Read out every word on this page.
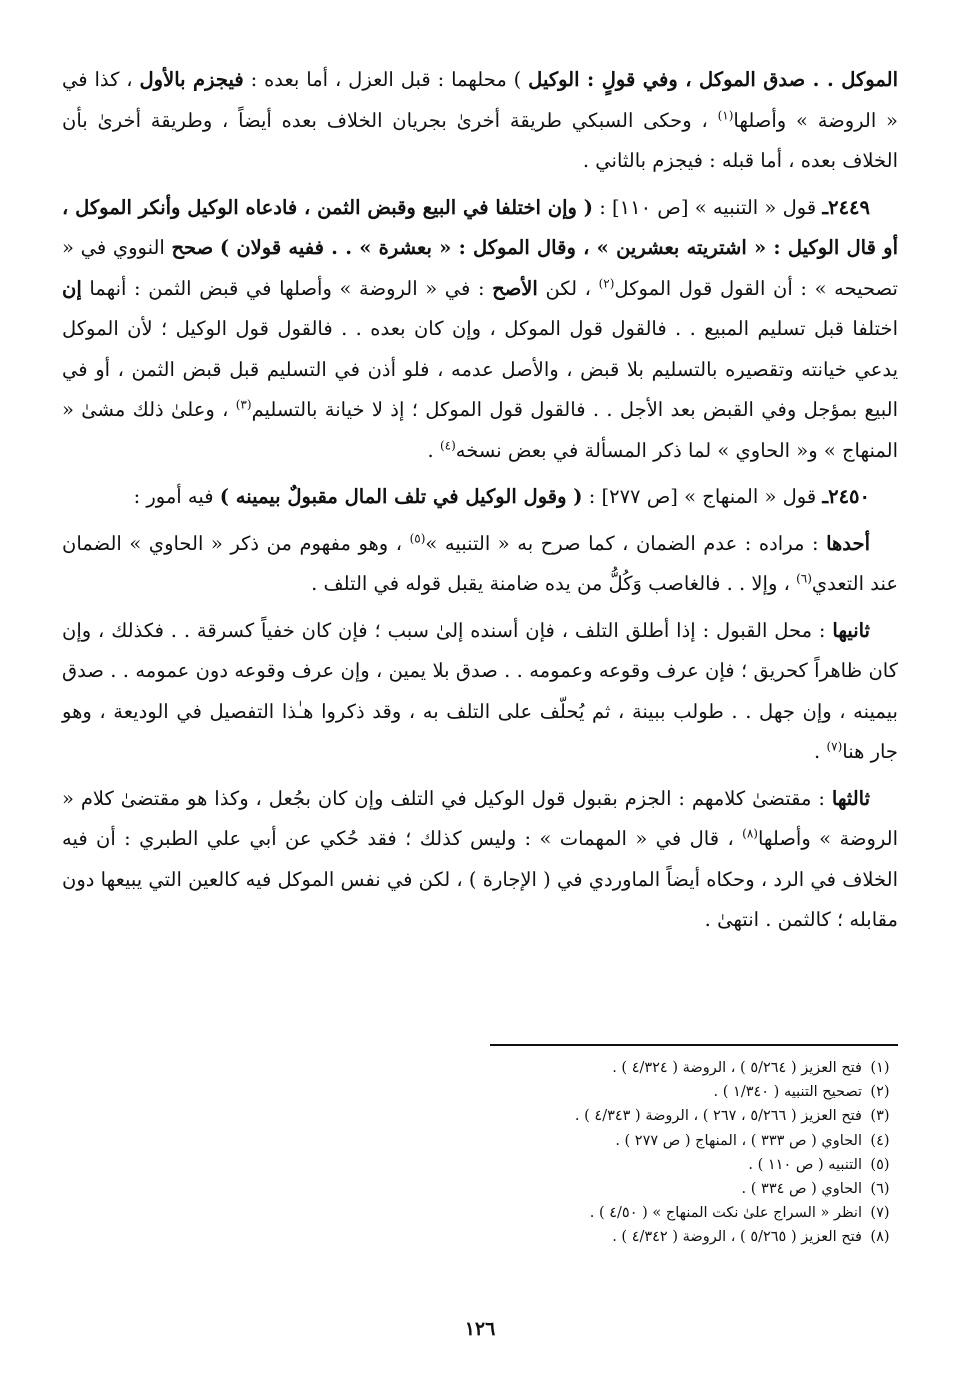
الموكل . . صدق الموكل ، وفي قولٍ : الوكيل ) محلهما : قبل العزل ، أما بعده : فيجزم بالأول ، كذا في « الروضة » وأصلها$^{(١)}$ ، وحكى السبكي طريقة أخرىٰ بجريان الخلاف بعده أيضاً ، وطريقة أخرىٰ بأن الخلاف بعده ، أما قبله : فيجزم بالثاني .

٢٤٤٩ـ قول « التنبيه » [ص ١١٠] : ( وإن اختلفا في البيع وقبض الثمن ، فادعاه الوكيل وأنكر الموكل ، أو قال الوكيل : « اشتريته بعشرين » ، وقال الموكل : « بعشرة » . . ففيه قولان ) صحح النووي في « تصحيحه » : أن القول قول الموكل$^{(٢)}$ ، لكن الأصح : في « الروضة » وأصلها في قبض الثمن : أنهما إن اختلفا قبل تسليم المبيع . . فالقول قول الموكل ، وإن كان بعده . . فالقول قول الوكيل ؛ لأن الموكل يدعي خيانته وتقصيره بالتسليم بلا قبض ، والأصل عدمه ، فلو أذن في التسليم قبل قبض الثمن ، أو في البيع بمؤجل وفي القبض بعد الأجل . . فالقول قول الموكل ؛ إذ لا خيانة بالتسليم$^{(٣)}$ ، وعلىٰ ذلك مشىٰ « المنهاج » و« الحاوي » لما ذكر المسألة في بعض نسخه$^{(٤)}$ .

٢٤٥٠ـ قول « المنهاج » [ص ٢٧٧] : ( وقول الوكيل في تلف المال مقبولٌ بيمينه ) فيه أمور :

أحدها : مراده : عدم الضمان ، كما صرح به « التنبيه »$^{(٥)}$ ، وهو مفهوم من ذكر « الحاوي » الضمان عند التعدي$^{(٦)}$ ، وإلا . . فالغاصب وَكُلُّ من يده ضامنة يقبل قوله في التلف .

ثانيها : محل القبول : إذا أطلق التلف ، فإن أسنده إلىٰ سبب ؛ فإن كان خفياً كسرقة . . فكذلك ، وإن كان ظاهراً كحريق ؛ فإن عرف وقوعه وعمومه . . صدق بلا يمين ، وإن عرف وقوعه دون عمومه . . صدق بيمينه ، وإن جهل . . طولب ببينة ، ثم يُحلّف على التلف به ، وقد ذكروا هـٰذا التفصيل في الوديعة ، وهو جار هنا$^{(٧)}$ .

ثالثها : مقتضىٰ كلامهم : الجزم بقبول قول الوكيل في التلف وإن كان بجُعل ، وكذا هو مقتضىٰ كلام « الروضة » وأصلها$^{(٨)}$ ، قال في « المهمات » : وليس كذلك ؛ فقد حُكي عن أبي علي الطبري : أن فيه الخلاف في الرد ، وحكاه أيضاً الماوردي في ( الإجارة ) ، لكن في نفس الموكل فيه كالعين التي يبيعها دون مقابله ؛ كالثمن . انتهىٰ .

(١)
فتح العزيز ( ٥/٢٦٤ ) ، الروضة ( ٤/٣٢٤ ) .
(٢)
تصحيح التنبيه ( ١/٣٤٠ ) .
(٣)
فتح العزيز ( ٥/٢٦٦ ، ٢٦٧ ) ، الروضة ( ٤/٣٤٣ ) .
(٤)
الحاوي ( ص ٣٣٣ ) ، المنهاج ( ص ٢٧٧ ) .
(٥)
التنبيه ( ص ١١٠ ) .
(٦)
الحاوي ( ص ٣٣٤ ) .
(٧)
انظر « السراج علىٰ نكت المنهاج » ( ٤/٥٠ ) .
(٨)
فتح العزيز ( ٥/٢٦٥ ) ، الروضة ( ٤/٣٤٢ ) .
١٢٦
